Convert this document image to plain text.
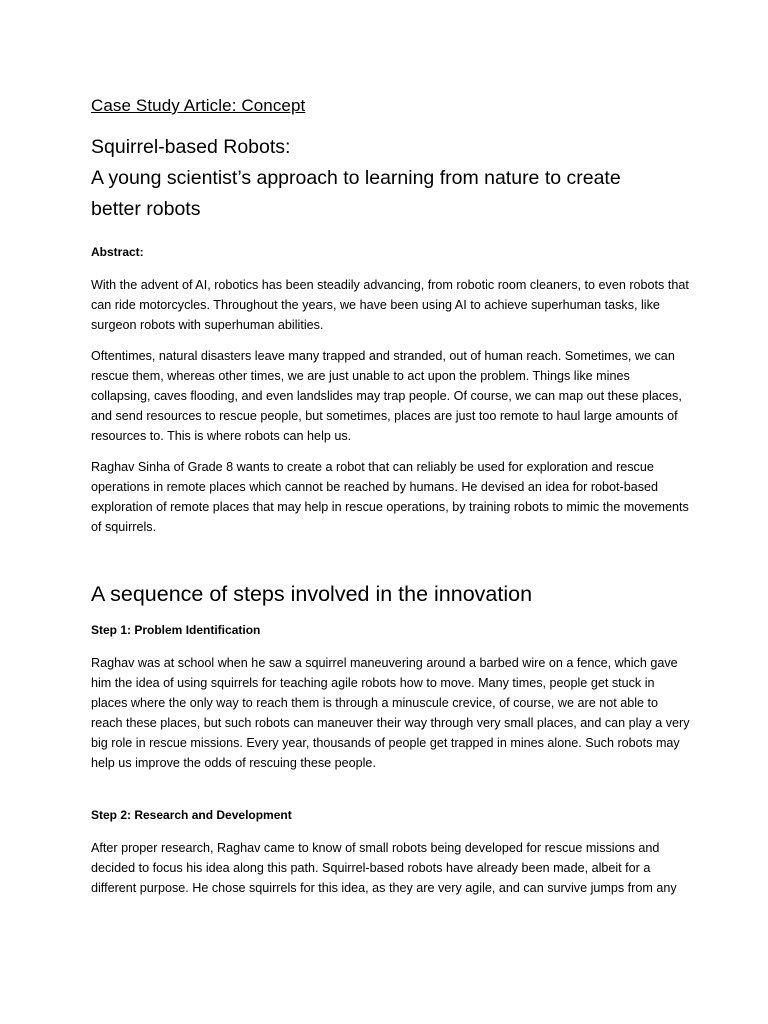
Case Study Article: Concept
Squirrel-based Robots:
A young scientist’s approach to learning from nature to create
better robots
Abstract:

With the advent of AI, robotics has been steadily advancing, from robotic room cleaners, to even robots that can ride motorcycles. Throughout the years, we have been using AI to achieve superhuman tasks, like surgeon robots with superhuman abilities.

Oftentimes, natural disasters leave many trapped and stranded, out of human reach. Sometimes, we can rescue them, whereas other times, we are just unable to act upon the problem. Things like mines collapsing, caves flooding, and even landslides may trap people. Of course, we can map out these places, and send resources to rescue people, but sometimes, places are just too remote to haul large amounts of resources to. This is where robots can help us.

Raghav Sinha of Grade 8 wants to create a robot that can reliably be used for exploration and rescue operations in remote places which cannot be reached by humans. He devised an idea for robot-based exploration of remote places that may help in rescue operations, by training robots to mimic the movements of squirrels.

A sequence of steps involved in the innovation
Step 1: Problem Identification

Raghav was at school when he saw a squirrel maneuvering around a barbed wire on a fence, which gave him the idea of using squirrels for teaching agile robots how to move. Many times, people get stuck in places where the only way to reach them is through a minuscule crevice, of course, we are not able to reach these places, but such robots can maneuver their way through very small places, and can play a very big role in rescue missions. Every year, thousands of people get trapped in mines alone. Such robots may help us improve the odds of rescuing these people.

Step 2: Research and Development

After proper research, Raghav came to know of small robots being developed for rescue missions and decided to focus his idea along this path. Squirrel-based robots have already been made, albeit for a different purpose. He chose squirrels for this idea, as they are very agile, and can survive jumps from any
